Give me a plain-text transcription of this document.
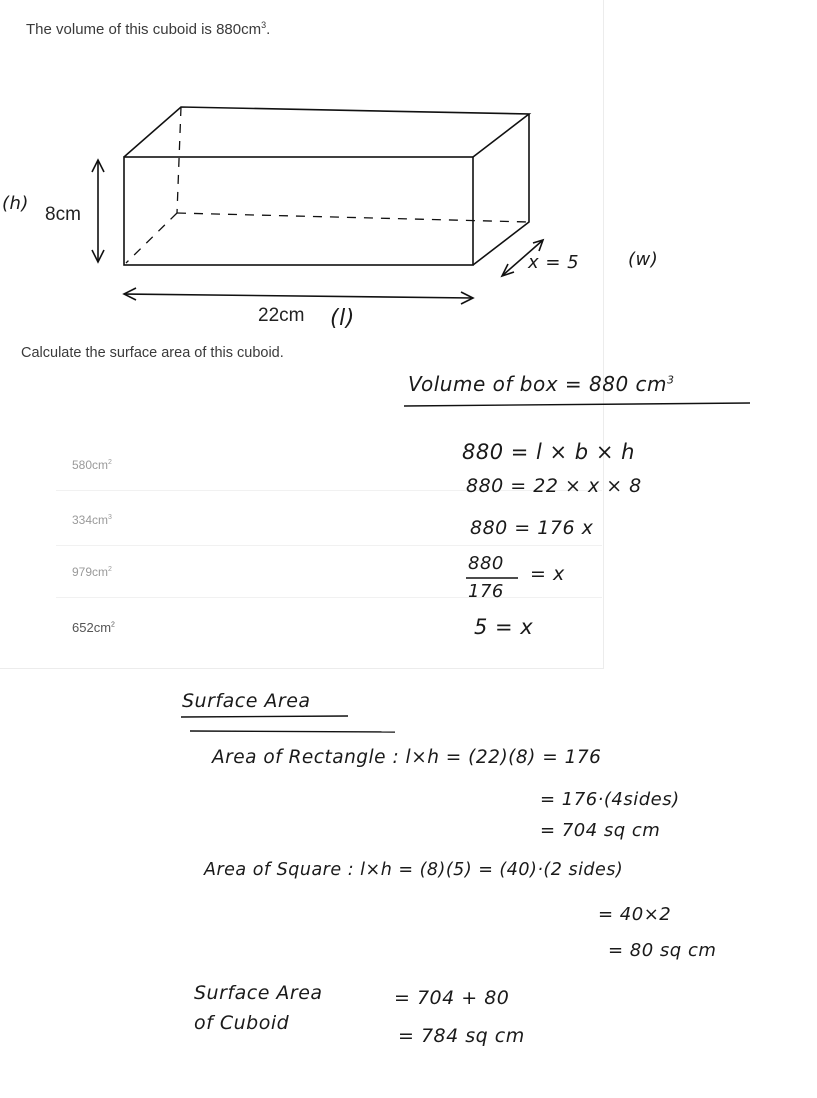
The volume of this cuboid is $880cm^3$.
Calculate the surface area of this cuboid.
$580cm^2$
$334cm^3$
$979cm^2$
$652cm^2$
(h)
8cm
22cm (l)
x = 5	(w)
Volume of box = 880 $cm^3$
880 = l × b × h
880 = 22 × x × 8
880 = 176 x
880
176
= x
5 = x
Surface Area
Area of Rectangle : l×h = (22)(8) = 176
= 176·(4sides)
= 704 sq cm
Area of Square : l×h = (8)(5) = (40)·(2 sides)
= 40×2
= 80 sq cm
Surface Area
of Cuboid
= 704 + 80
= 784 sq cm
